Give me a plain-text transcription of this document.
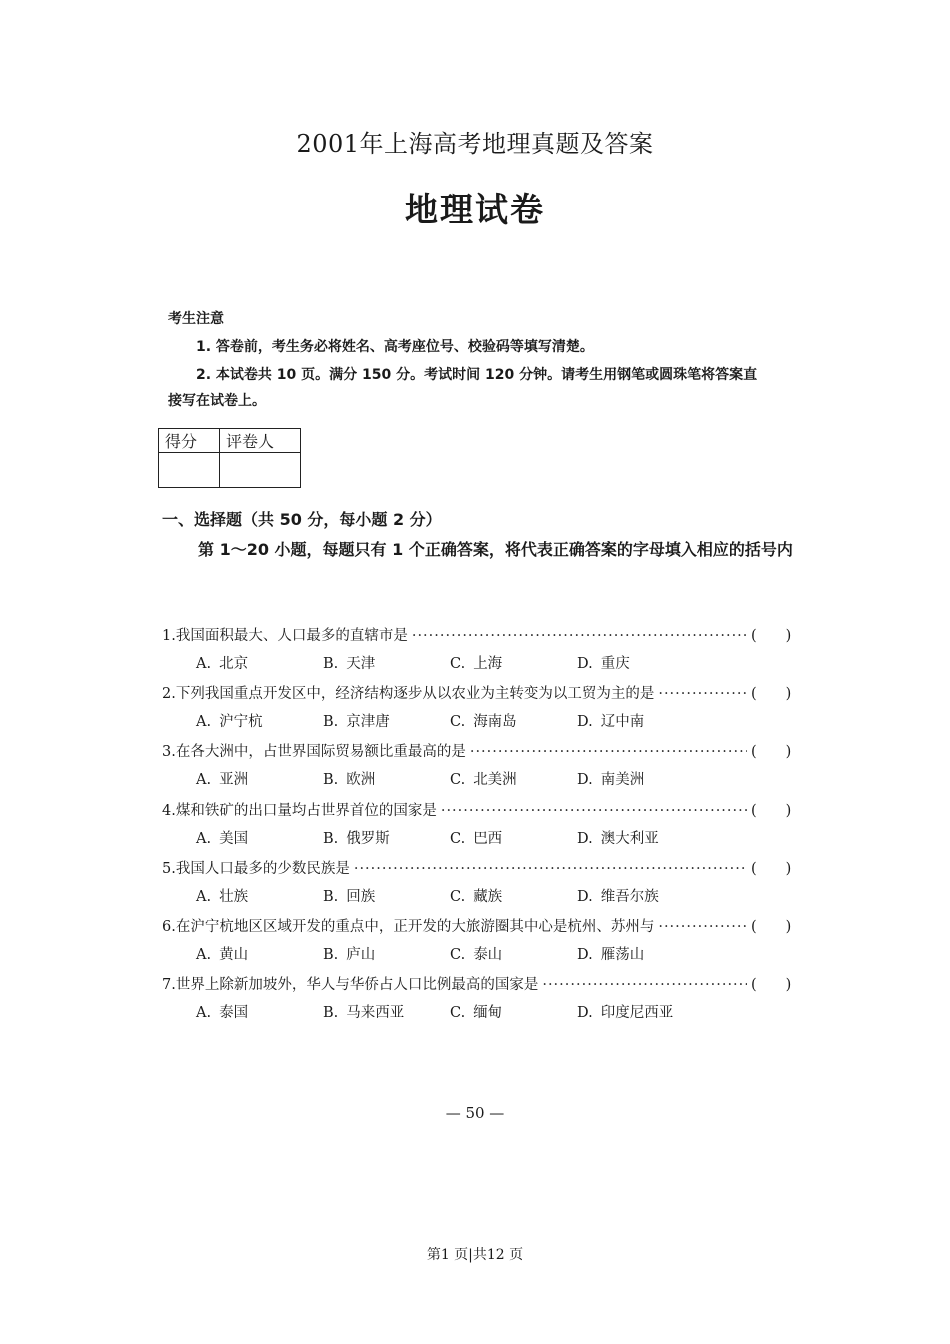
2001年上海高考地理真题及答案
地理试卷

考生注意

1. 答卷前，考生务必将姓名、高考座位号、校验码等填写清楚。

2. 本试卷共 10 页。满分 150 分。考试时间 120 分钟。请考生用钢笔或圆珠笔将答案直

接写在试卷上。

得分	评卷人

一、选择题（共 50 分，每小题 2 分）

第 1～20 小题，每题只有 1 个正确答案，将代表正确答案的字母填入相应的括号内

1. 我国面积最大、人口最多的直辖市是 ·····	(　　)
A. 北京	B. 天津	C. 上海	D. 重庆
2. 下列我国重点开发区中，经济结构逐步从以农业为主转变为以工贸为主的是 ·····	(　　)
A. 沪宁杭	B. 京津唐	C. 海南岛	D. 辽中南
3. 在各大洲中，占世界国际贸易额比重最高的是 ·····	(　　)
A. 亚洲	B. 欧洲	C. 北美洲	D. 南美洲
4. 煤和铁矿的出口量均占世界首位的国家是 ·····	(　　)
A. 美国	B. 俄罗斯	C. 巴西	D. 澳大利亚
5. 我国人口最多的少数民族是 ·····	(　　)
A. 壮族	B. 回族	C. 藏族	D. 维吾尔族
6. 在沪宁杭地区区域开发的重点中，正开发的大旅游圈其中心是杭州、苏州与 ·····	(　　)
A. 黄山	B. 庐山	C. 泰山	D. 雁荡山
7. 世界上除新加坡外，华人与华侨占人口比例最高的国家是 ·····	(　　)
A. 泰国	B. 马来西亚	C. 缅甸	D. 印度尼西亚
— 50 —
第1 页|共12 页
